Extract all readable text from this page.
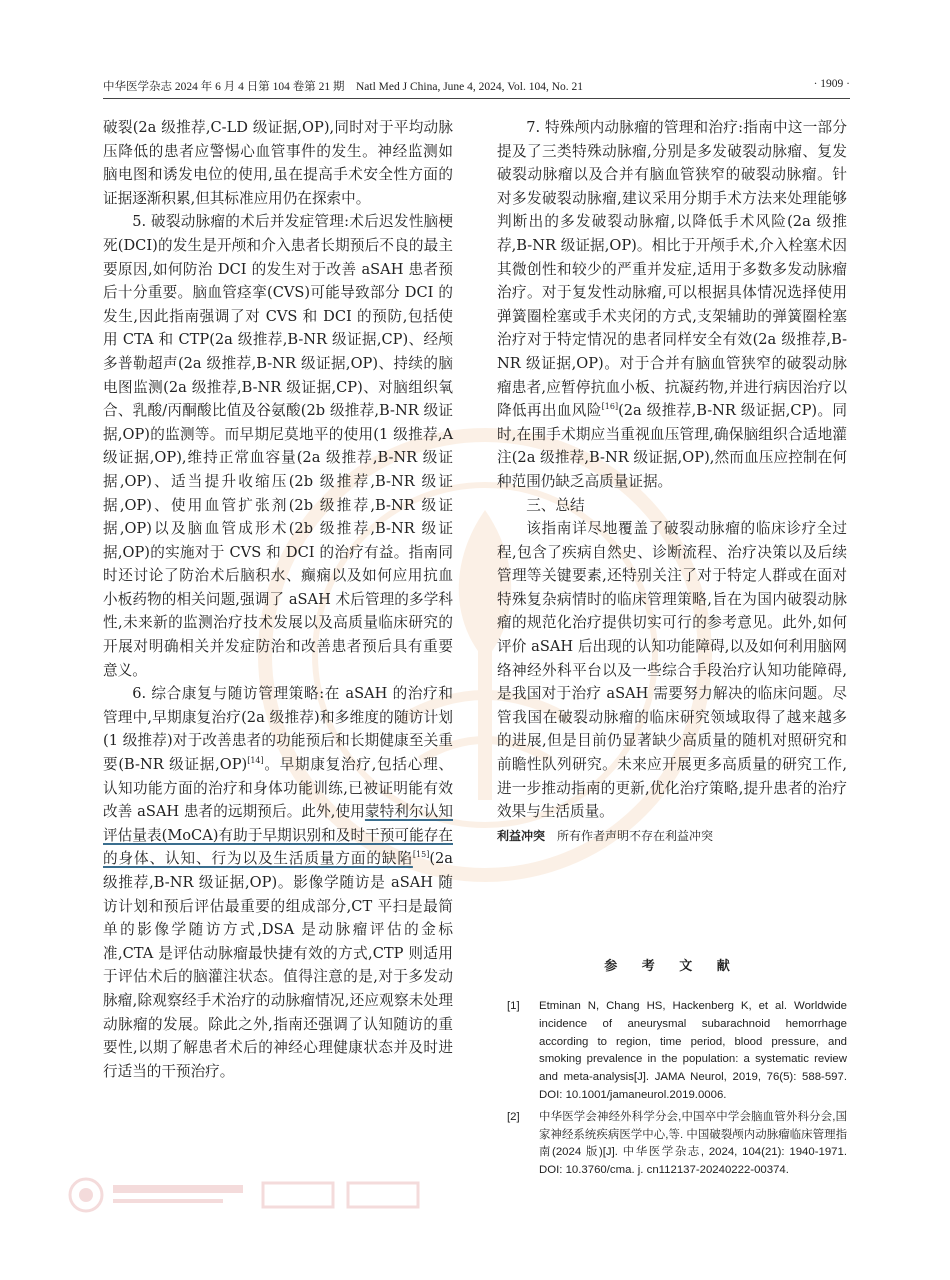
中华医学杂志 2024 年 6 月 4 日第 104 卷第 21 期　Natl Med J China, June 4, 2024, Vol. 104, No. 21	· 1909 ·

破裂(2a 级推荐,C-LD 级证据,OP),同时对于平均动脉压降低的患者应警惕心血管事件的发生。神经监测如脑电图和诱发电位的使用,虽在提高手术安全性方面的证据逐渐积累,但其标准应用仍在探索中。

5. 破裂动脉瘤的术后并发症管理:术后迟发性脑梗死(DCI)的发生是开颅和介入患者长期预后不良的最主要原因,如何防治 DCI 的发生对于改善 aSAH 患者预后十分重要。脑血管痉挛(CVS)可能导致部分 DCI 的发生,因此指南强调了对 CVS 和 DCI 的预防,包括使用 CTA 和 CTP(2a 级推荐,B-NR 级证据,CP)、经颅多普勒超声(2a 级推荐,B-NR 级证据,OP)、持续的脑电图监测(2a 级推荐,B-NR 级证据,CP)、对脑组织氧合、乳酸/丙酮酸比值及谷氨酸(2b 级推荐,B-NR 级证据,OP)的监测等。而早期尼莫地平的使用(1 级推荐,A 级证据,OP),维持正常血容量(2a 级推荐,B-NR 级证据,OP)、适当提升收缩压(2b 级推荐,B-NR 级证据,OP)、使用血管扩张剂(2b 级推荐,B-NR 级证据,OP)以及脑血管成形术(2b 级推荐,B-NR 级证据,OP)的实施对于 CVS 和 DCI 的治疗有益。指南同时还讨论了防治术后脑积水、癫痫以及如何应用抗血小板药物的相关问题,强调了 aSAH 术后管理的多学科性,未来新的监测治疗技术发展以及高质量临床研究的开展对明确相关并发症防治和改善患者预后具有重要意义。

6. 综合康复与随访管理策略:在 aSAH 的治疗和管理中,早期康复治疗(2a 级推荐)和多维度的随访计划(1 级推荐)对于改善患者的功能预后和长期健康至关重要(B-NR 级证据,OP)[14]。早期康复治疗,包括心理、认知功能方面的治疗和身体功能训练,已被证明能有效改善 aSAH 患者的远期预后。此外,使用蒙特利尔认知评估量表(MoCA)有助于早期识别和及时干预可能存在的身体、认知、行为以及生活质量方面的缺陷[15](2a 级推荐,B-NR 级证据,OP)。影像学随访是 aSAH 随访计划和预后评估最重要的组成部分,CT 平扫是最简单的影像学随访方式,DSA 是动脉瘤评估的金标准,CTA 是评估动脉瘤最快捷有效的方式,CTP 则适用于评估术后的脑灌注状态。值得注意的是,对于多发动脉瘤,除观察经手术治疗的动脉瘤情况,还应观察未处理动脉瘤的发展。除此之外,指南还强调了认知随访的重要性,以期了解患者术后的神经心理健康状态并及时进行适当的干预治疗。

7. 特殊颅内动脉瘤的管理和治疗:指南中这一部分提及了三类特殊动脉瘤,分别是多发破裂动脉瘤、复发破裂动脉瘤以及合并有脑血管狭窄的破裂动脉瘤。针对多发破裂动脉瘤,建议采用分期手术方法来处理能够判断出的多发破裂动脉瘤,以降低手术风险(2a 级推荐,B-NR 级证据,OP)。相比于开颅手术,介入栓塞术因其微创性和较少的严重并发症,适用于多数多发动脉瘤治疗。对于复发性动脉瘤,可以根据具体情况选择使用弹簧圈栓塞或手术夹闭的方式,支架辅助的弹簧圈栓塞治疗对于特定情况的患者同样安全有效(2a 级推荐,B-NR 级证据,OP)。对于合并有脑血管狭窄的破裂动脉瘤患者,应暂停抗血小板、抗凝药物,并进行病因治疗以降低再出血风险[16](2a 级推荐,B-NR 级证据,CP)。同时,在围手术期应当重视血压管理,确保脑组织合适地灌注(2a 级推荐,B-NR 级证据,OP),然而血压应控制在何种范围仍缺乏高质量证据。

三、总结

该指南详尽地覆盖了破裂动脉瘤的临床诊疗全过程,包含了疾病自然史、诊断流程、治疗决策以及后续管理等关键要素,还特别关注了对于特定人群或在面对特殊复杂病情时的临床管理策略,旨在为国内破裂动脉瘤的规范化治疗提供切实可行的参考意见。此外,如何评价 aSAH 后出现的认知功能障碍,以及如何利用脑网络神经外科平台以及一些综合手段治疗认知功能障碍,是我国对于治疗 aSAH 需要努力解决的临床问题。尽管我国在破裂动脉瘤的临床研究领域取得了越来越多的进展,但是目前仍显著缺少高质量的随机对照研究和前瞻性队列研究。未来应开展更多高质量的研究工作,进一步推动指南的更新,优化治疗策略,提升患者的治疗效果与生活质量。

利益冲突　 所有作者声明不存在利益冲突

参 考 文 献
[1] Etminan N, Chang HS, Hackenberg K, et al. Worldwide incidence of aneurysmal subarachnoid hemorrhage according to region, time period, blood pressure, and smoking prevalence in the population: a systematic review and meta-analysis[J]. JAMA Neurol, 2019, 76(5): 588-597. DOI: 10.1001/jamaneurol.2019.0006.
[2] 中华医学会神经外科学分会,中国卒中学会脑血管外科分会,国家神经系统疾病医学中心,等. 中国破裂颅内动脉瘤临床管理指南(2024 版)[J]. 中华医学杂志, 2024, 104(21): 1940-1971. DOI: 10.3760/cma. j. cn112137-20240222-00374.
